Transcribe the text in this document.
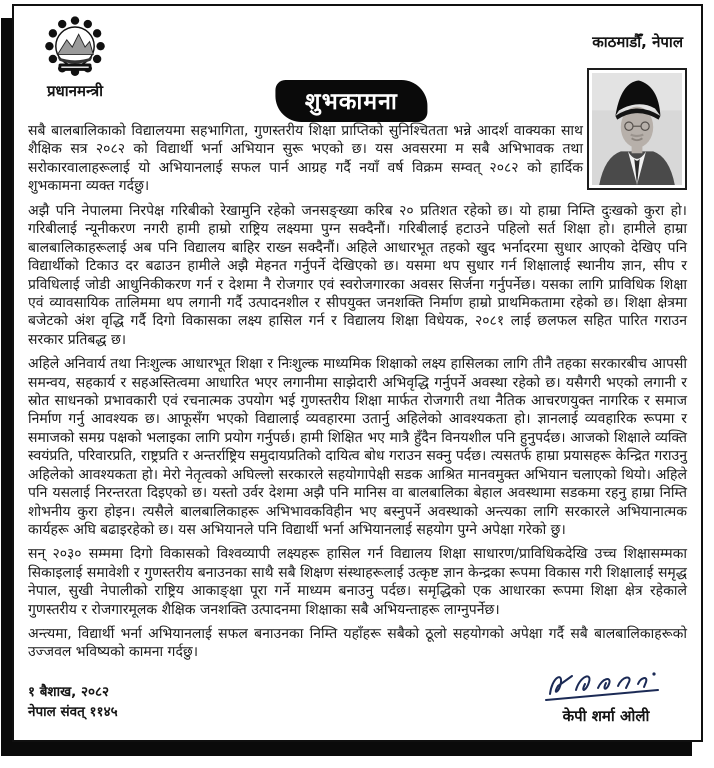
प्रधानमन्त्री
काठमाडौँ, नेपाल
शुभकामना

सबै बालबालिकाको विद्यालयमा सहभागिता, गुणस्तरीय शिक्षा प्राप्तिको सुनिश्चितता भन्ने आदर्श वाक्यका साथ शैक्षिक सत्र २०८२ को विद्यार्थी भर्ना अभियान सुरू भएको छ। यस अवसरमा म सबै अभिभावक तथा सरोकारवालाहरूलाई यो अभियानलाई सफल पार्न आग्रह गर्दै नयाँ वर्ष विक्रम सम्वत् २०८२ को हार्दिक शुभकामना व्यक्त गर्दछु।

अझै पनि नेपालमा निरपेक्ष गरिबीको रेखामुनि रहेको जनसङ्ख्या करिब २० प्रतिशत रहेको छ। यो हाम्रा निम्ति दुःखको कुरा हो। गरिबीलाई न्यूनीकरण नगरी हामी हाम्रो राष्ट्रिय लक्ष्यमा पुग्न सक्दैनौं। गरिबीलाई हटाउने पहिलो सर्त शिक्षा हो। हामीले हाम्रा बालबालिकाहरूलाई अब पनि विद्यालय बाहिर राख्न सक्दैनौं। अहिले आधारभूत तहको खुद भर्नादरमा सुधार आएको देखिए पनि विद्यार्थीको टिकाउ दर बढाउन हामीले अझै मेहनत गर्नुपर्ने देखिएको छ। यसमा थप सुधार गर्न शिक्षालाई स्थानीय ज्ञान, सीप र प्रविधिलाई जोडी आधुनिकीकरण गर्न र देशमा नै रोजगार एवं स्वरोजगारका अवसर सिर्जना गर्नुपर्नेछ। यसका लागि प्राविधिक शिक्षा एवं व्यावसायिक तालिममा थप लगानी गर्दै उत्पादनशील र सीपयुक्त जनशक्ति निर्माण हाम्रो प्राथमिकतामा रहेको छ। शिक्षा क्षेत्रमा बजेटको अंश वृद्धि गर्दै दिगो विकासका लक्ष्य हासिल गर्न र विद्यालय शिक्षा विधेयक, २०८१ लाई छलफल सहित पारित गराउन सरकार प्रतिबद्ध छ।

अहिले अनिवार्य तथा निःशुल्क आधारभूत शिक्षा र निःशुल्क माध्यमिक शिक्षाको लक्ष्य हासिलका लागि तीनै तहका सरकारबीच आपसी समन्वय, सहकार्य र सहअस्तित्वमा आधारित भएर लगानीमा साझेदारी अभिवृद्धि गर्नुपर्ने अवस्था रहेको छ। यसैगरी भएको लगानी र स्रोत साधनको प्रभावकारी एवं रचनात्मक उपयोग भई गुणस्तरीय शिक्षा मार्फत रोजगारी तथा नैतिक आचरणयुक्त नागरिक र समाज निर्माण गर्नु आवश्यक छ। आफूसँग भएको विद्यालाई व्यवहारमा उतार्नु अहिलेको आवश्यकता हो। ज्ञानलाई व्यवहारिक रूपमा र समाजको समग्र पक्षको भलाइका लागि प्रयोग गर्नुपर्छ। हामी शिक्षित भए मात्रै हुँदैन विनयशील पनि हुनुपर्दछ। आजको शिक्षाले व्यक्ति स्वयंप्रति, परिवारप्रति, राष्ट्रप्रति र अन्तर्राष्ट्रिय समुदायप्रतिको दायित्व बोध गराउन सक्नु पर्दछ। त्यसतर्फ हाम्रा प्रयासहरू केन्द्रित गराउनु अहिलेको आवश्यकता हो। मेरो नेतृत्वको अघिल्लो सरकारले सहयोगापेक्षी सडक आश्रित मानवमुक्त अभियान चलाएको थियो। अहिले पनि यसलाई निरन्तरता दिइएको छ। यस्तो उर्वर देशमा अझै पनि मानिस वा बालबालिका बेहाल अवस्थामा सडकमा रहनु हाम्रा निम्ति शोभनीय कुरा होइन। त्यसैले बालबालिकाहरू अभिभावकविहीन भए बस्नुपर्ने अवस्थाको अन्त्यका लागि सरकारले अभियानात्मक कार्यहरू अघि बढाइरहेको छ। यस अभियानले पनि विद्यार्थी भर्ना अभियानलाई सहयोग पुग्ने अपेक्षा गरेको छु।

सन् २०३० सम्ममा दिगो विकासको विश्वव्यापी लक्ष्यहरू हासिल गर्न विद्यालय शिक्षा साधारण/प्राविधिकदेखि उच्च शिक्षासम्मका सिकाइलाई समावेशी र गुणस्तरीय बनाउनका साथै सबै शिक्षण संस्थाहरूलाई उत्कृष्ट ज्ञान केन्द्रका रूपमा विकास गरी शिक्षालाई समृद्ध नेपाल, सुखी नेपालीको राष्ट्रिय आकाङ्क्षा पूरा गर्ने माध्यम बनाउनु पर्दछ। समृद्धिको एक आधारका रूपमा शिक्षा क्षेत्र रहेकाले गुणस्तरीय र रोजगारमूलक शैक्षिक जनशक्ति उत्पादनमा शिक्षाका सबै अभियन्ताहरू लाग्नुपर्नेछ।

अन्त्यमा, विद्यार्थी भर्ना अभियानलाई सफल बनाउनका निम्ति यहाँहरू सबैको ठूलो सहयोगको अपेक्षा गर्दै सबै बालबालिकाहरूको उज्जवल भविष्यको कामना गर्दछु।

१ बैशाख, २०८२
नेपाल संवत् ११४५	केपी शर्मा ओली
